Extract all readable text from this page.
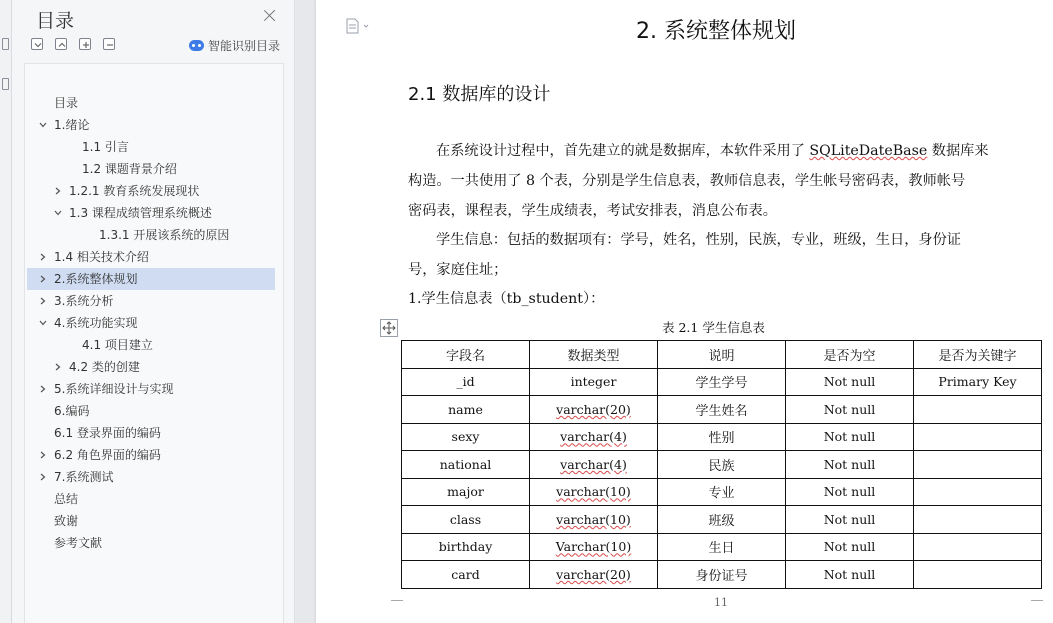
目录
智能识别目录
目录
1.绪论
1.1 引言
1.2 课题背景介绍
1.2.1 教育系统发展现状
1.3 课程成绩管理系统概述
1.3.1 开展该系统的原因
1.4 相关技术介绍
2.系统整体规划
3.系统分析
4.系统功能实现
4.1 项目建立
4.2 类的创建
5.系统详细设计与实现
6.编码
6.1 登录界面的编码
6.2 角色界面的编码
7.系统测试
总结
致谢
参考文献
2. 系统整体规划
2.1 数据库的设计
在系统设计过程中，首先建立的就是数据库，本软件采用了 SQLiteDateBase 数据库来
构造。一共使用了 8 个表，分别是学生信息表，教师信息表，学生帐号密码表，教师帐号
密码表，课程表，学生成绩表，考试安排表，消息公布表。
学生信息：包括的数据项有：学号，姓名，性别，民族，专业，班级，生日，身份证
号，家庭住址；
1.学生信息表（tb_student）：
表 2.1 学生信息表
字段名	数据类型	说明	是否为空	是否为关键字
_id	integer	学生学号	Not null	Primary Key
name	varchar(20)	学生姓名	Not null	
sexy	varchar(4)	性别	Not null	
national	varchar(4)	民族	Not null	
major	varchar(10)	专业	Not null	
class	varchar(10)	班级	Not null	
birthday	Varchar(10)	生日	Not null	
card	varchar(20)	身份证号	Not null	
11
